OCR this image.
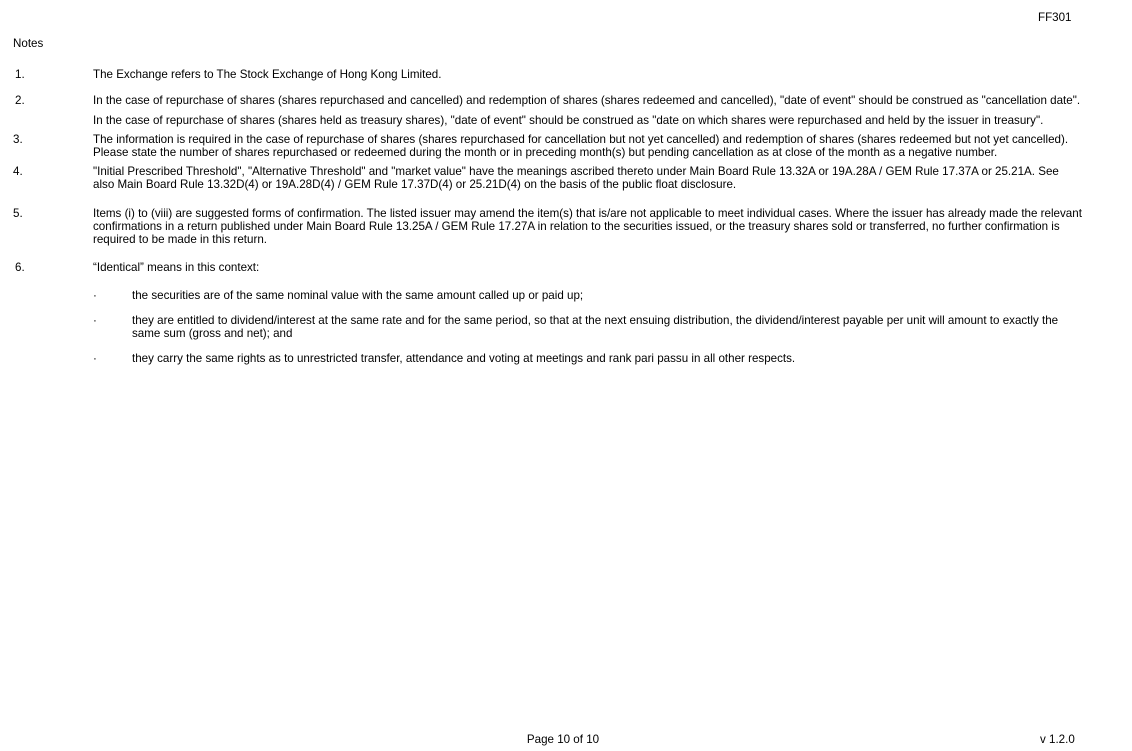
FF301
Notes
1.	The Exchange refers to The Stock Exchange of Hong Kong Limited.

2.	In the case of repurchase of shares (shares repurchased and cancelled) and redemption of shares (shares redeemed and cancelled), "date of event" should be construed as "cancellation date".

In the case of repurchase of shares (shares held as treasury shares), "date of event" should be construed as "date on which shares were repurchased and held by the issuer in treasury".

3.	The information is required in the case of repurchase of shares (shares repurchased for cancellation but not yet cancelled) and redemption of shares (shares redeemed but not yet cancelled). Please state the number of shares repurchased or redeemed during the month or in preceding month(s) but pending cancellation as at close of the month as a negative number.

4.	"Initial Prescribed Threshold", "Alternative Threshold" and "market value" have the meanings ascribed thereto under Main Board Rule 13.32A or 19A.28A / GEM Rule 17.37A or 25.21A. See also Main Board Rule 13.32D(4) or 19A.28D(4) / GEM Rule 17.37D(4) or 25.21D(4) on the basis of the public float disclosure.

5.	Items (i) to (viii) are suggested forms of confirmation. The listed issuer may amend the item(s) that is/are not applicable to meet individual cases. Where the issuer has already made the relevant confirmations in a return published under Main Board Rule 13.25A / GEM Rule 17.27A in relation to the securities issued, or the treasury shares sold or transferred, no further confirmation is required to be made in this return.

6.	“Identical” means in this context:

·	the securities are of the same nominal value with the same amount called up or paid up;
·	they are entitled to dividend/interest at the same rate and for the same period, so that at the next ensuing distribution, the dividend/interest payable per unit will amount to exactly the same sum (gross and net); and
·	they carry the same rights as to unrestricted transfer, attendance and voting at meetings and rank pari passu in all other respects.
Page 10 of 10	v 1.2.0
